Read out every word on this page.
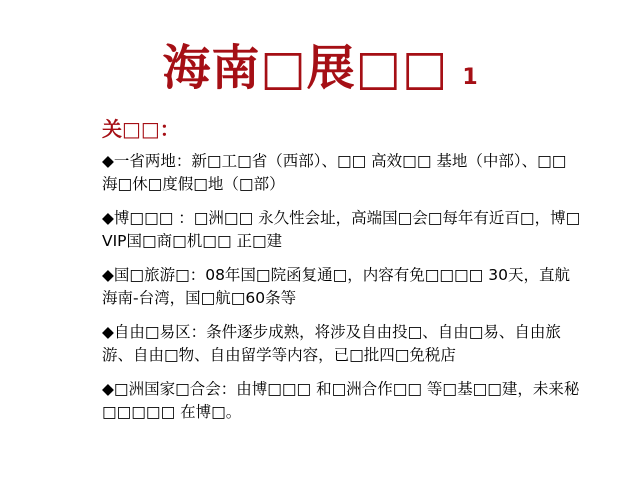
海南□展□□ 1
关□□：
◆一省两地：新□工□省（西部）、□□ 高效□□ 基地（中部）、□□ 海□休□度假□地（□部）
◆博□□□ ：□洲□□ 永久性会址，高端国□会□每年有近百□，博□VIP国□商□机□□ 正□建
◆国□旅游□：08年国□院函复通□，内容有免□□□□ 30天，直航海南-台湾，国□航□60条等
◆自由□易区：条件逐步成熟，将涉及自由投□、自由□易、自由旅游、自由□物、自由留学等内容，已□批四□免税店
◆□洲国家□合会：由博□□□ 和□洲合作□□ 等□基□□建，未来秘□□□□□ 在博□。
